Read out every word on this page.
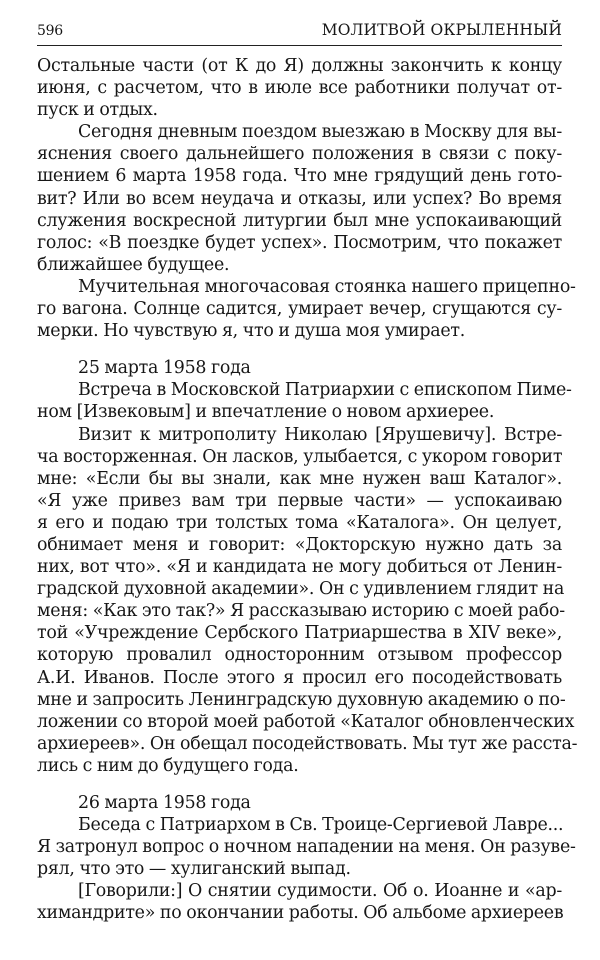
596	МОЛИТВОЙ ОКРЫЛЕННЫЙ
Остальные части (от К до Я) должны закончить к концу
июня, с расчетом, что в июле все работники получат от-
пуск и отдых.
Сегодня дневным поездом выезжаю в Москву для вы-
яснения своего дальнейшего положения в связи с поку-
шением 6 марта 1958 года. Что мне грядущий день гото-
вит? Или во всем неудача и отказы, или успех? Во время
служения воскресной литургии был мне успокаивающий
голос: «В поездке будет успех». Посмотрим, что покажет
ближайшее будущее.
Мучительная многочасовая стоянка нашего прицепно-
го вагона. Солнце садится, умирает вечер, сгущаются су-
мерки. Но чувствую я, что и душа моя умирает.
25 марта 1958 года
Встреча в Московской Патриархии с епископом Пиме-
ном [Извековым] и впечатление о новом архиерее.
Визит к митрополиту Николаю [Ярушевичу]. Встре-
ча восторженная. Он ласков, улыбается, с укором говорит
мне: «Если бы вы знали, как мне нужен ваш Каталог».
«Я уже привез вам три первые части» — успокаиваю
я его и подаю три толстых тома «Каталога». Он целует,
обнимает меня и говорит: «Докторскую нужно дать за
них, вот что». «Я и кандидата не могу добиться от Ленин-
градской духовной академии». Он с удивлением глядит на
меня: «Как это так?» Я рассказываю историю с моей рабо-
той «Учреждение Сербского Патриаршества в XIV веке»,
которую провалил односторонним отзывом профессор
А.И. Иванов. После этого я просил его посодействовать
мне и запросить Ленинградскую духовную академию о по-
ложении со второй моей работой «Каталог обновленческих
архиереев». Он обещал посодействовать. Мы тут же расста-
лись с ним до будущего года.
26 марта 1958 года
Беседа с Патриархом в Св. Троице-Сергиевой Лавре...
Я затронул вопрос о ночном нападении на меня. Он разуве-
рял, что это — хулиганский выпад.
[Говорили:] О снятии судимости. Об о. Иоанне и «ар-
химандрите» по окончании работы. Об альбоме архиереев
